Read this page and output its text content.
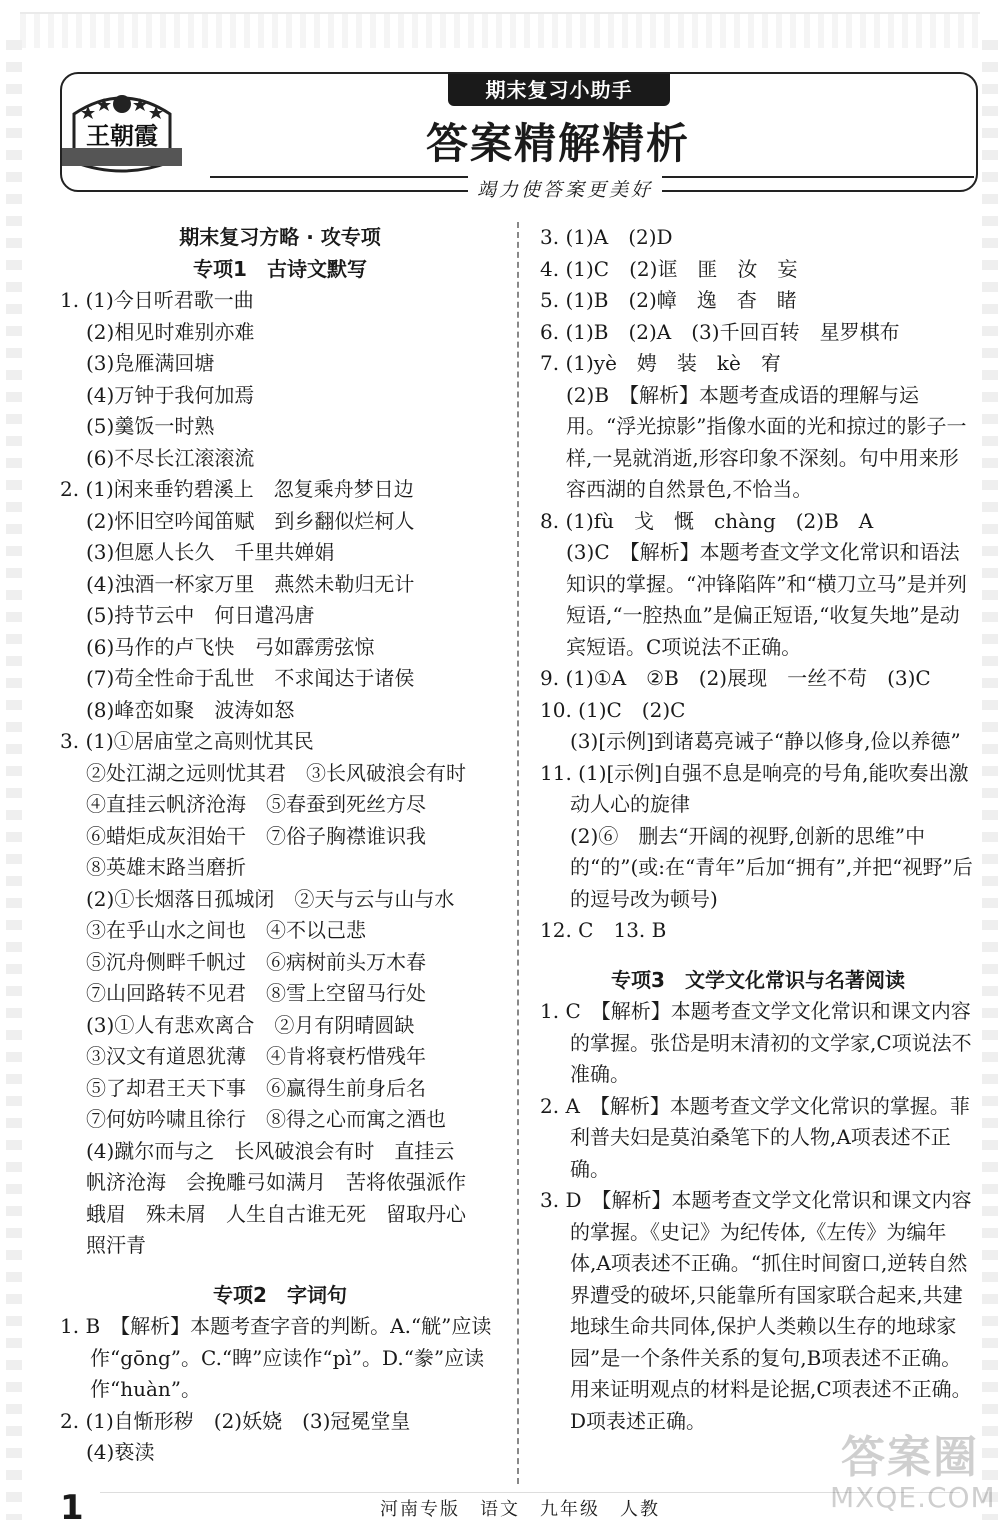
王朝霞
期末复习小助手
答案精解精析
竭力使答案更美好
期末复习方略 · 攻专项
专项1　古诗文默写
1. (1)今日听君歌一曲
(2)相见时难别亦难
(3)凫雁满回塘
(4)万钟于我何加焉
(5)羹饭一时熟
(6)不尽长江滚滚流
2. (1)闲来垂钓碧溪上　忽复乘舟梦日边
(2)怀旧空吟闻笛赋　到乡翻似烂柯人
(3)但愿人长久　千里共婵娟
(4)浊酒一杯家万里　燕然未勒归无计
(5)持节云中　何日遣冯唐
(6)马作的卢飞快　弓如霹雳弦惊
(7)苟全性命于乱世　不求闻达于诸侯
(8)峰峦如聚　波涛如怒
3. (1)①居庙堂之高则忧其民
②处江湖之远则忧其君　③长风破浪会有时
④直挂云帆济沧海　⑤春蚕到死丝方尽
⑥蜡炬成灰泪始干　⑦俗子胸襟谁识我
⑧英雄末路当磨折
(2)①长烟落日孤城闭　②天与云与山与水
③在乎山水之间也　④不以己悲
⑤沉舟侧畔千帆过　⑥病树前头万木春
⑦山回路转不见君　⑧雪上空留马行处
(3)①人有悲欢离合　②月有阴晴圆缺
③汉文有道恩犹薄　④肯将衰朽惜残年
⑤了却君王天下事　⑥赢得生前身后名
⑦何妨吟啸且徐行　⑧得之心而寓之酒也
(4)蹴尔而与之　长风破浪会有时　直挂云
帆济沧海　会挽雕弓如满月　苦将侬强派作
蛾眉　殊未屑　人生自古谁无死　留取丹心
照汗青
专项2　字词句
1. B　【解析】本题考查字音的判断。A.“觥”应读作“gōng”。C.“睥”应读作“pì”。D.“豢”应读作“huàn”。
2. (1)自惭形秽　(2)妖娆　(3)冠冕堂皇
(4)亵渎
3. (1)A　(2)D
4. (1)C　(2)诓　匪　汝　妄
5. (1)B　(2)幛　逸　杳　睹
6. (1)B　(2)A　(3)千回百转　星罗棋布
7. (1)yè　娉　装　kè　宥
(2)B　【解析】本题考查成语的理解与运用。“浮光掠影”指像水面的光和掠过的影子一样,一晃就消逝,形容印象不深刻。句中用来形容西湖的自然景色,不恰当。
8. (1)fù　戈　慨　chàng　(2)B　A
(3)C　【解析】本题考查文学文化常识和语法知识的掌握。“冲锋陷阵”和“横刀立马”是并列短语,“一腔热血”是偏正短语,“收复失地”是动宾短语。C项说法不正确。
9. (1)①A　②B　(2)展现　一丝不苟　(3)C
10. (1)C　(2)C
(3)[示例]到诸葛亮诫子“静以修身,俭以养德”
11. (1)[示例]自强不息是响亮的号角,能吹奏出激动人心的旋律
(2)⑥　删去“开阔的视野,创新的思维”中的“的”(或:在“青年”后加“拥有”,并把“视野”后的逗号改为顿号)
12. C　13. B
专项3　文学文化常识与名著阅读
1. C　【解析】本题考查文学文化常识和课文内容的掌握。张岱是明末清初的文学家,C项说法不准确。
2. A　【解析】本题考查文学文化常识的掌握。菲利普夫妇是莫泊桑笔下的人物,A项表述不正确。
3. D　【解析】本题考查文学文化常识和课文内容的掌握。《史记》为纪传体,《左传》为编年体,A项表述不正确。“抓住时间窗口,逆转自然界遭受的破坏,只能靠所有国家联合起来,共建地球生命共同体,保护人类赖以生存的地球家园”是一个条件关系的复句,B项表述不正确。用来证明观点的材料是论据,C项表述不正确。D项表述正确。
1	河南专版　语文　九年级　人教
答案圈
MXQE.COM
